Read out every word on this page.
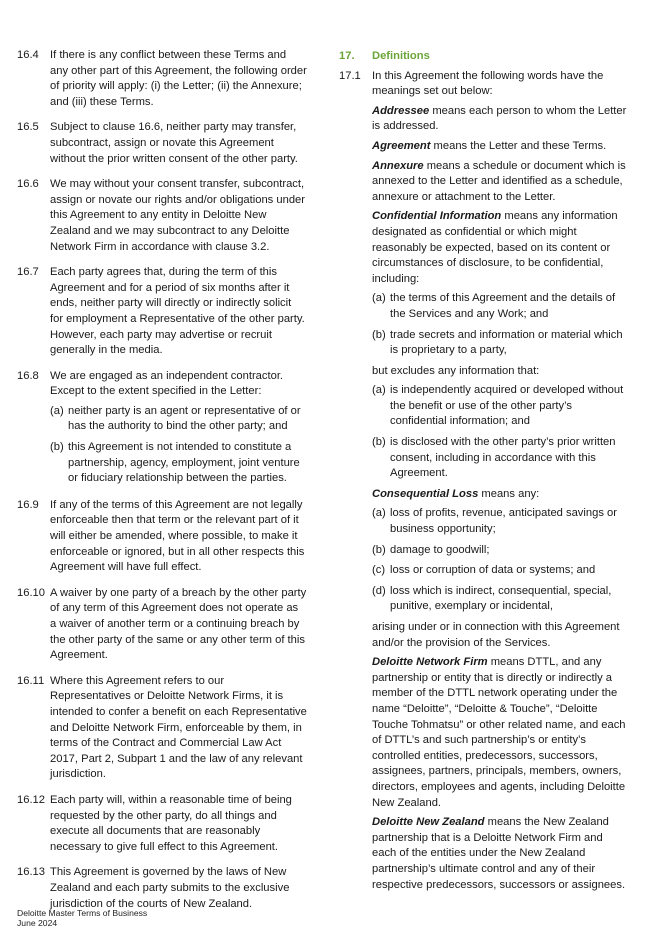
16.4	If there is any conflict between these Terms and any other part of this Agreement, the following order of priority will apply: (i) the Letter; (ii) the Annexure; and (iii) these Terms.

16.5	Subject to clause 16.6, neither party may transfer, subcontract, assign or novate this Agreement without the prior written consent of the other party.

16.6	We may without your consent transfer, subcontract, assign or novate our rights and/or obligations under this Agreement to any entity in Deloitte New Zealand and we may subcontract to any Deloitte Network Firm in accordance with clause 3.2.

16.7	Each party agrees that, during the term of this Agreement and for a period of six months after it ends, neither party will directly or indirectly solicit for employment a Representative of the other party. However, each party may advertise or recruit generally in the media.

16.8	We are engaged as an independent contractor. Except to the extent specified in the Letter:

(a) neither party is an agent or representative of or has the authority to bind the other party; and
(b) this Agreement is not intended to constitute a partnership, agency, employment, joint venture or fiduciary relationship between the parties.
16.9	If any of the terms of this Agreement are not legally enforceable then that term or the relevant part of it will either be amended, where possible, to make it enforceable or ignored, but in all other respects this Agreement will have full effect.

16.10 A waiver by one party of a breach by the other party of any term of this Agreement does not operate as a waiver of another term or a continuing breach by the other party of the same or any other term of this Agreement.

16.11 Where this Agreement refers to our Representatives or Deloitte Network Firms, it is intended to confer a benefit on each Representative and Deloitte Network Firm, enforceable by them, in terms of the Contract and Commercial Law Act 2017, Part 2, Subpart 1 and the law of any relevant jurisdiction.

16.12 Each party will, within a reasonable time of being requested by the other party, do all things and execute all documents that are reasonably necessary to give full effect to this Agreement.

16.13 This Agreement is governed by the laws of New Zealand and each party submits to the exclusive jurisdiction of the courts of New Zealand.

17.	Definitions
17.1	In this Agreement the following words have the meanings set out below:

Addressee means each person to whom the Letter is addressed.

Agreement means the Letter and these Terms.

Annexure means a schedule or document which is annexed to the Letter and identified as a schedule, annexure or attachment to the Letter.

Confidential Information means any information designated as confidential or which might reasonably be expected, based on its content or circumstances of disclosure, to be confidential, including:

(a) the terms of this Agreement and the details of the Services and any Work; and
(b) trade secrets and information or material which is proprietary to a party,

but excludes any information that:

(a) is independently acquired or developed without the benefit or use of the other party’s confidential information; and
(b) is disclosed with the other party’s prior written consent, including in accordance with this Agreement.

Consequential Loss means any:

(a) loss of profits, revenue, anticipated savings or business opportunity;
(b) damage to goodwill;
(c) loss or corruption of data or systems; and
(d) loss which is indirect, consequential, special, punitive, exemplary or incidental,

arising under or in connection with this Agreement and/or the provision of the Services.

Deloitte Network Firm means DTTL, and any partnership or entity that is directly or indirectly a member of the DTTL network operating under the name “Deloitte”, “Deloitte & Touche”, “Deloitte Touche Tohmatsu” or other related name, and each of DTTL’s and such partnership’s or entity’s controlled entities, predecessors, successors, assignees, partners, principals, members, owners, directors, employees and agents, including Deloitte New Zealand.

Deloitte New Zealand means the New Zealand partnership that is a Deloitte Network Firm and each of the entities under the New Zealand partnership’s ultimate control and any of their respective predecessors, successors or assignees.

Deloitte Master Terms of Business
June 2024
